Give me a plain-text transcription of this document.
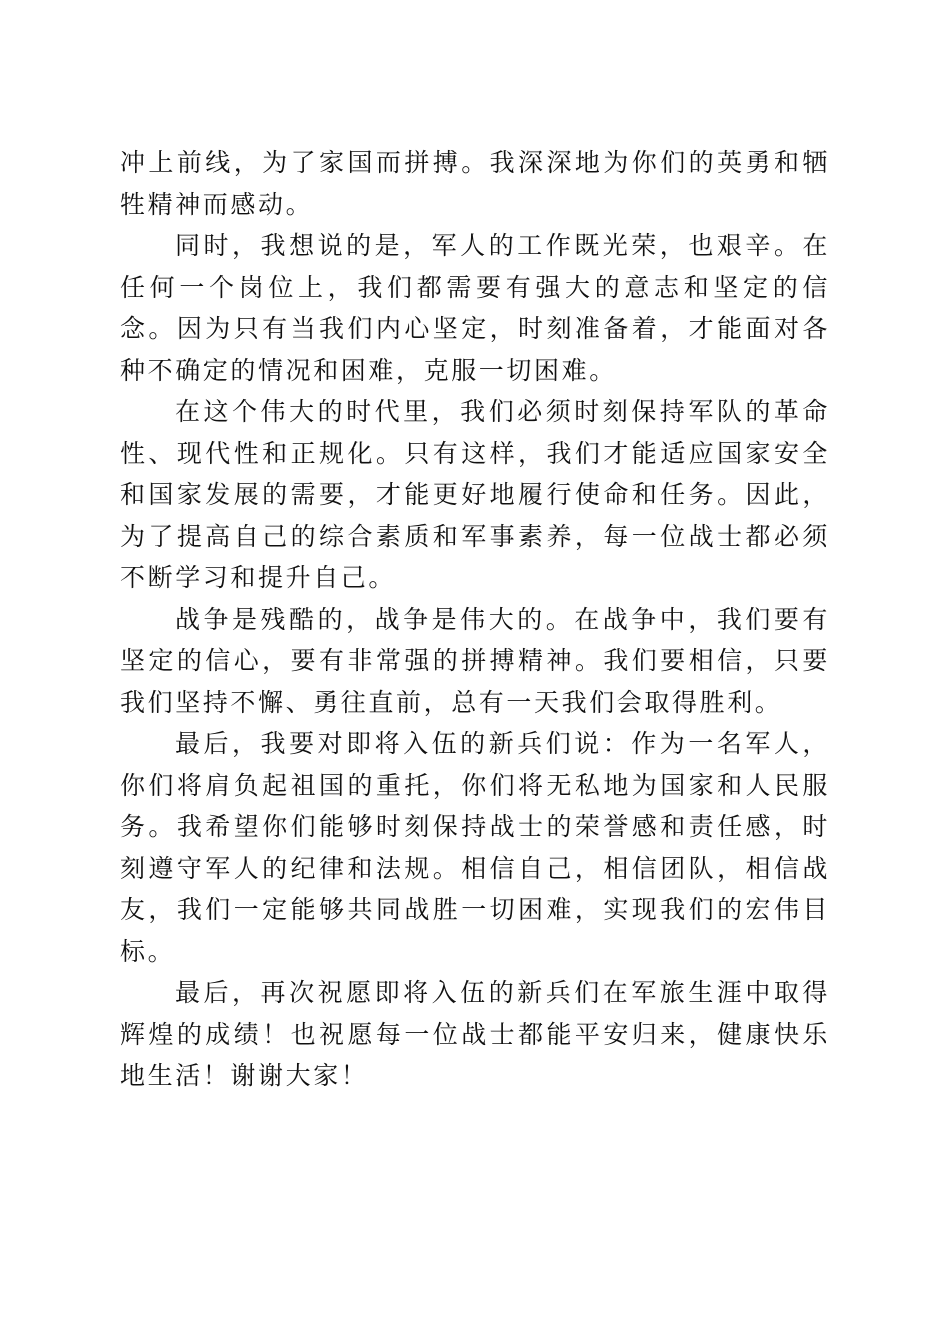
冲上前线，为了家国而拼搏。我深深地为你们的英勇和牺牲精神而感动。

同时，我想说的是，军人的工作既光荣，也艰辛。在任何一个岗位上，我们都需要有强大的意志和坚定的信念。因为只有当我们内心坚定，时刻准备着，才能面对各种不确定的情况和困难，克服一切困难。

在这个伟大的时代里，我们必须时刻保持军队的革命性、现代性和正规化。只有这样，我们才能适应国家安全和国家发展的需要，才能更好地履行使命和任务。因此，为了提高自己的综合素质和军事素养，每一位战士都必须不断学习和提升自己。

战争是残酷的，战争是伟大的。在战争中，我们要有坚定的信心，要有非常强的拼搏精神。我们要相信，只要我们坚持不懈、勇往直前，总有一天我们会取得胜利。

最后，我要对即将入伍的新兵们说：作为一名军人，你们将肩负起祖国的重托，你们将无私地为国家和人民服务。我希望你们能够时刻保持战士的荣誉感和责任感，时刻遵守军人的纪律和法规。相信自己，相信团队，相信战友，我们一定能够共同战胜一切困难，实现我们的宏伟目标。

最后，再次祝愿即将入伍的新兵们在军旅生涯中取得辉煌的成绩！也祝愿每一位战士都能平安归来，健康快乐地生活！谢谢大家！
